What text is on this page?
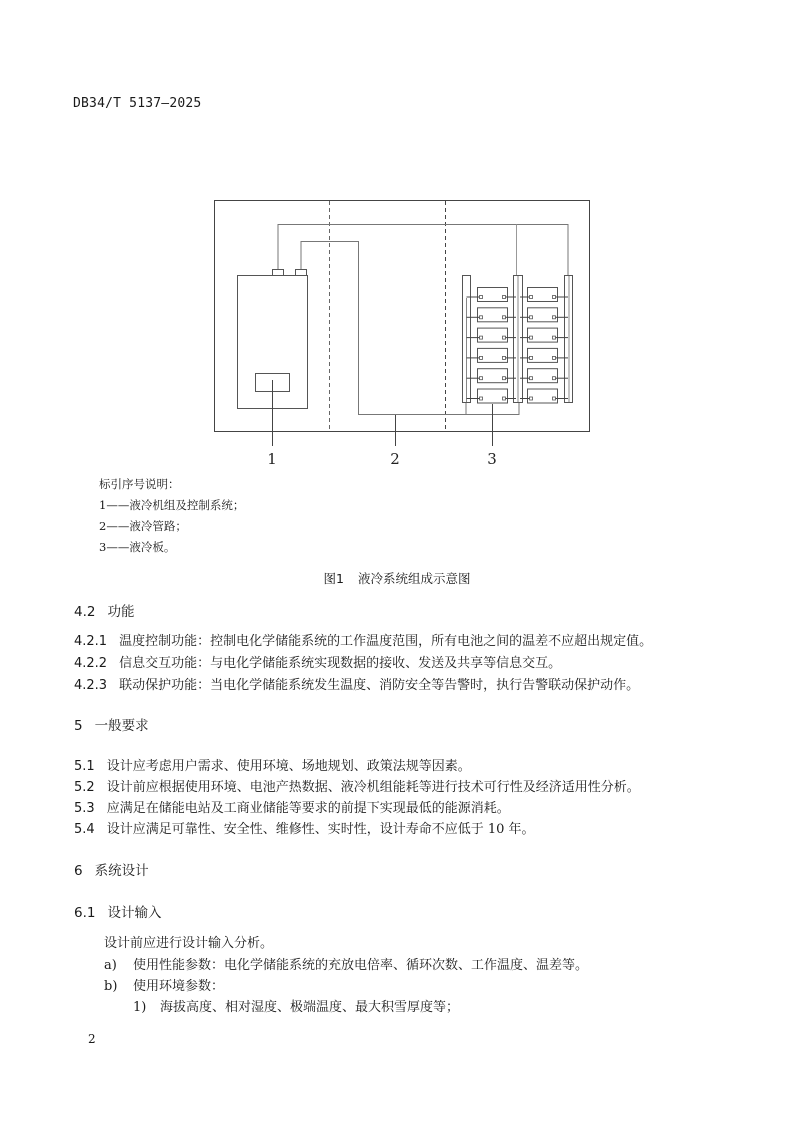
DB34/T 5137—2025
1	2	3
标引序号说明：
1——液冷机组及控制系统；
2——液冷管路；
3——液冷板。
图1 液冷系统组成示意图
4.2 功能
4.2.1 温度控制功能：控制电化学储能系统的工作温度范围，所有电池之间的温差不应超出规定值。
4.2.2 信息交互功能：与电化学储能系统实现数据的接收、发送及共享等信息交互。
4.2.3 联动保护功能：当电化学储能系统发生温度、消防安全等告警时，执行告警联动保护动作。
5 一般要求
5.1 设计应考虑用户需求、使用环境、场地规划、政策法规等因素。
5.2 设计前应根据使用环境、电池产热数据、液冷机组能耗等进行技术可行性及经济适用性分析。
5.3 应满足在储能电站及工商业储能等要求的前提下实现最低的能源消耗。
5.4 设计应满足可靠性、安全性、维修性、实时性，设计寿命不应低于 10 年。
6 系统设计
6.1 设计输入
设计前应进行设计输入分析。
a) 使用性能参数：电化学储能系统的充放电倍率、循环次数、工作温度、温差等。
b) 使用环境参数：
1) 海拔高度、相对湿度、极端温度、最大积雪厚度等；
2
